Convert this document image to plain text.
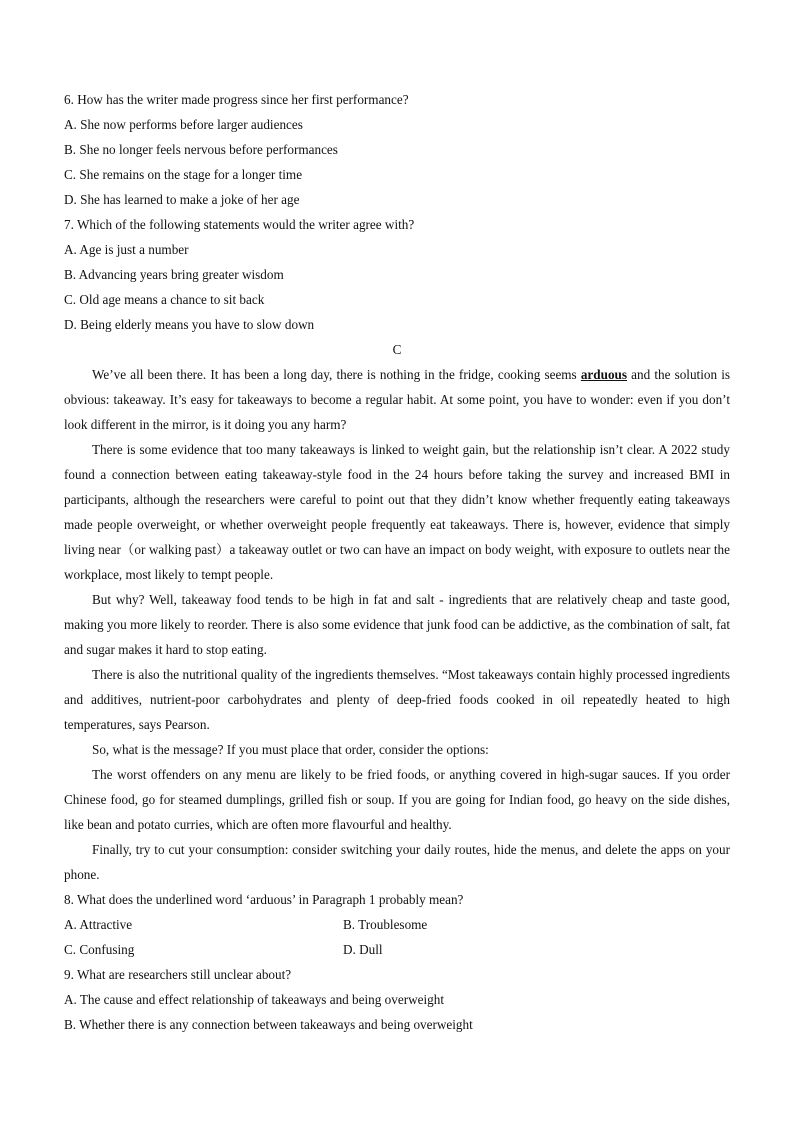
6. How has the writer made progress since her first performance?
A. She now performs before larger audiences
B. She no longer feels nervous before performances
C. She remains on the stage for a longer time
D. She has learned to make a joke of her age
7. Which of the following statements would the writer agree with?
A. Age is just a number
B. Advancing years bring greater wisdom
C. Old age means a chance to sit back
D. Being elderly means you have to slow down
C

We’ve all been there. It has been a long day, there is nothing in the fridge, cooking seems arduous and the solution is obvious: takeaway. It’s easy for takeaways to become a regular habit. At some point, you have to wonder: even if you don’t look different in the mirror, is it doing you any harm?

There is some evidence that too many takeaways is linked to weight gain, but the relationship isn’t clear. A 2022 study found a connection between eating takeaway-style food in the 24 hours before taking the survey and increased BMI in participants, although the researchers were careful to point out that they didn’t know whether frequently eating takeaways made people overweight, or whether overweight people frequently eat takeaways. There is, however, evidence that simply living near（or walking past）a takeaway outlet or two can have an impact on body weight, with exposure to outlets near the workplace, most likely to tempt people.

But why? Well, takeaway food tends to be high in fat and salt - ingredients that are relatively cheap and taste good, making you more likely to reorder. There is also some evidence that junk food can be addictive, as the combination of salt, fat and sugar makes it hard to stop eating.

There is also the nutritional quality of the ingredients themselves. “Most takeaways contain highly processed ingredients and additives, nutrient-poor carbohydrates and plenty of deep-fried foods cooked in oil repeatedly heated to high temperatures, says Pearson.

So, what is the message? If you must place that order, consider the options:

The worst offenders on any menu are likely to be fried foods, or anything covered in high-sugar sauces. If you order Chinese food, go for steamed dumplings, grilled fish or soup. If you are going for Indian food, go heavy on the side dishes, like bean and potato curries, which are often more flavourful and healthy.

Finally, try to cut your consumption: consider switching your daily routes, hide the menus, and delete the apps on your phone.

8. What does the underlined word ‘arduous’ in Paragraph 1 probably mean?
A. Attractive	B. Troublesome
C. Confusing	D. Dull
9. What are researchers still unclear about?
A. The cause and effect relationship of takeaways and being overweight
B. Whether there is any connection between takeaways and being overweight
